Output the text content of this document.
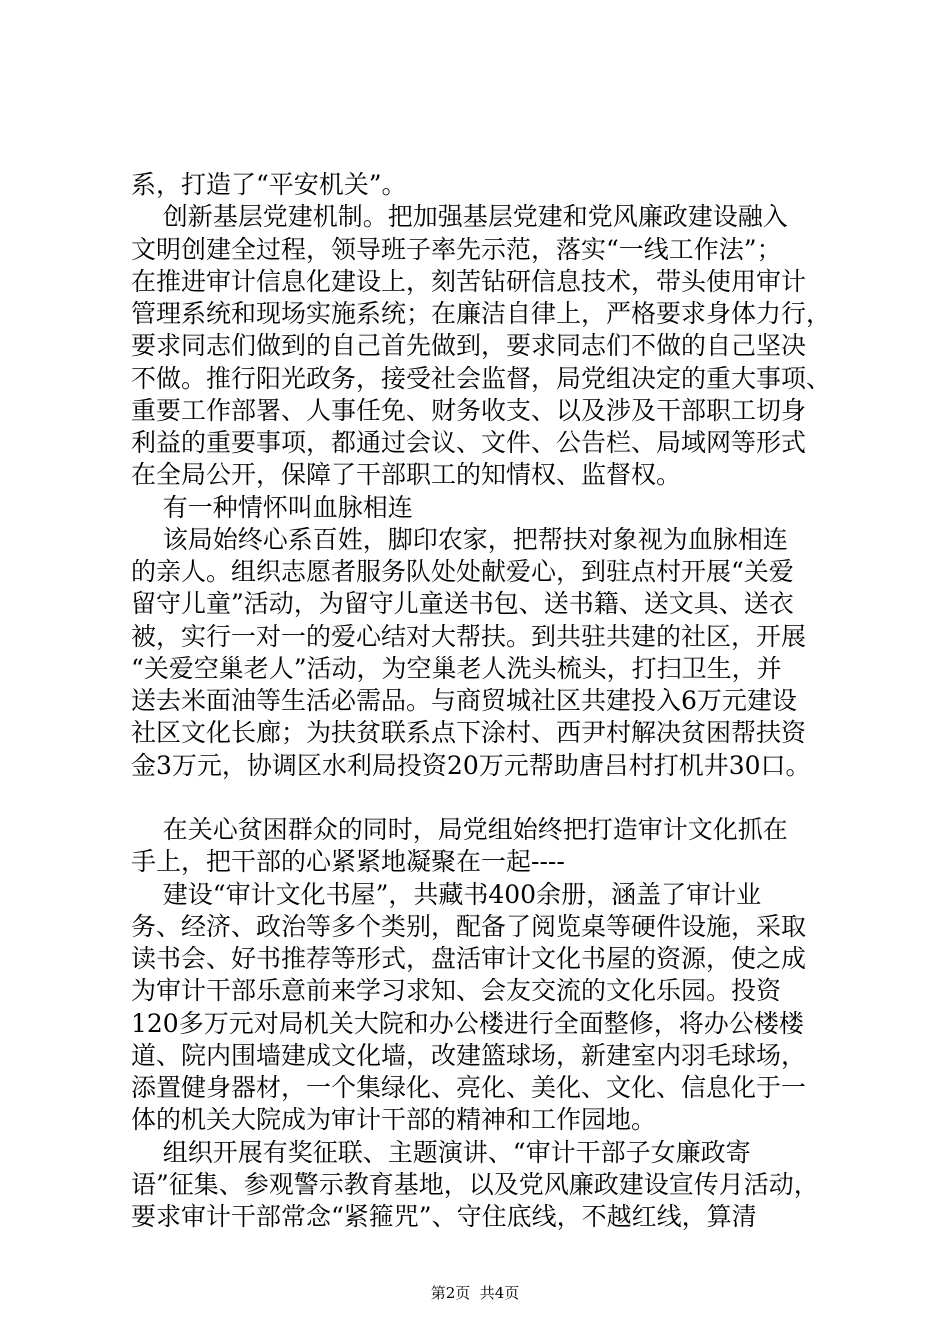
系，打造了“平安机关”。
创新基层党建机制。把加强基层党建和党风廉政建设融入
文明创建全过程，领导班子率先示范，落实“一线工作法”；
在推进审计信息化建设上，刻苦钻研信息技术，带头使用审计
管理系统和现场实施系统；在廉洁自律上，严格要求身体力行，
要求同志们做到的自己首先做到，要求同志们不做的自己坚决
不做。推行阳光政务，接受社会监督，局党组决定的重大事项、
重要工作部署、人事任免、财务收支、以及涉及干部职工切身
利益的重要事项，都通过会议、文件、公告栏、局域网等形式
在全局公开，保障了干部职工的知情权、监督权。
有一种情怀叫血脉相连
该局始终心系百姓，脚印农家，把帮扶对象视为血脉相连
的亲人。组织志愿者服务队处处献爱心，到驻点村开展“关爱
留守儿童”活动，为留守儿童送书包、送书籍、送文具、送衣
被，实行一对一的爱心结对大帮扶。到共驻共建的社区，开展
“关爱空巢老人”活动，为空巢老人洗头梳头，打扫卫生，并
送去米面油等生活必需品。与商贸城社区共建投入6万元建设
社区文化长廊；为扶贫联系点下涂村、西尹村解决贫困帮扶资
金3万元，协调区水利局投资20万元帮助唐吕村打机井30口。
在关心贫困群众的同时，局党组始终把打造审计文化抓在
手上，把干部的心紧紧地凝聚在一起----
建设“审计文化书屋”，共藏书400余册，涵盖了审计业
务、经济、政治等多个类别，配备了阅览桌等硬件设施，采取
读书会、好书推荐等形式，盘活审计文化书屋的资源，使之成
为审计干部乐意前来学习求知、会友交流的文化乐园。投资
120多万元对局机关大院和办公楼进行全面整修，将办公楼楼
道、院内围墙建成文化墙，改建篮球场，新建室内羽毛球场，
添置健身器材，一个集绿化、亮化、美化、文化、信息化于一
体的机关大院成为审计干部的精神和工作园地。
组织开展有奖征联、主题演讲、“审计干部子女廉政寄
语”征集、参观警示教育基地，以及党风廉政建设宣传月活动，
要求审计干部常念“紧箍咒”、守住底线，不越红线，算清
第2页  共4页
